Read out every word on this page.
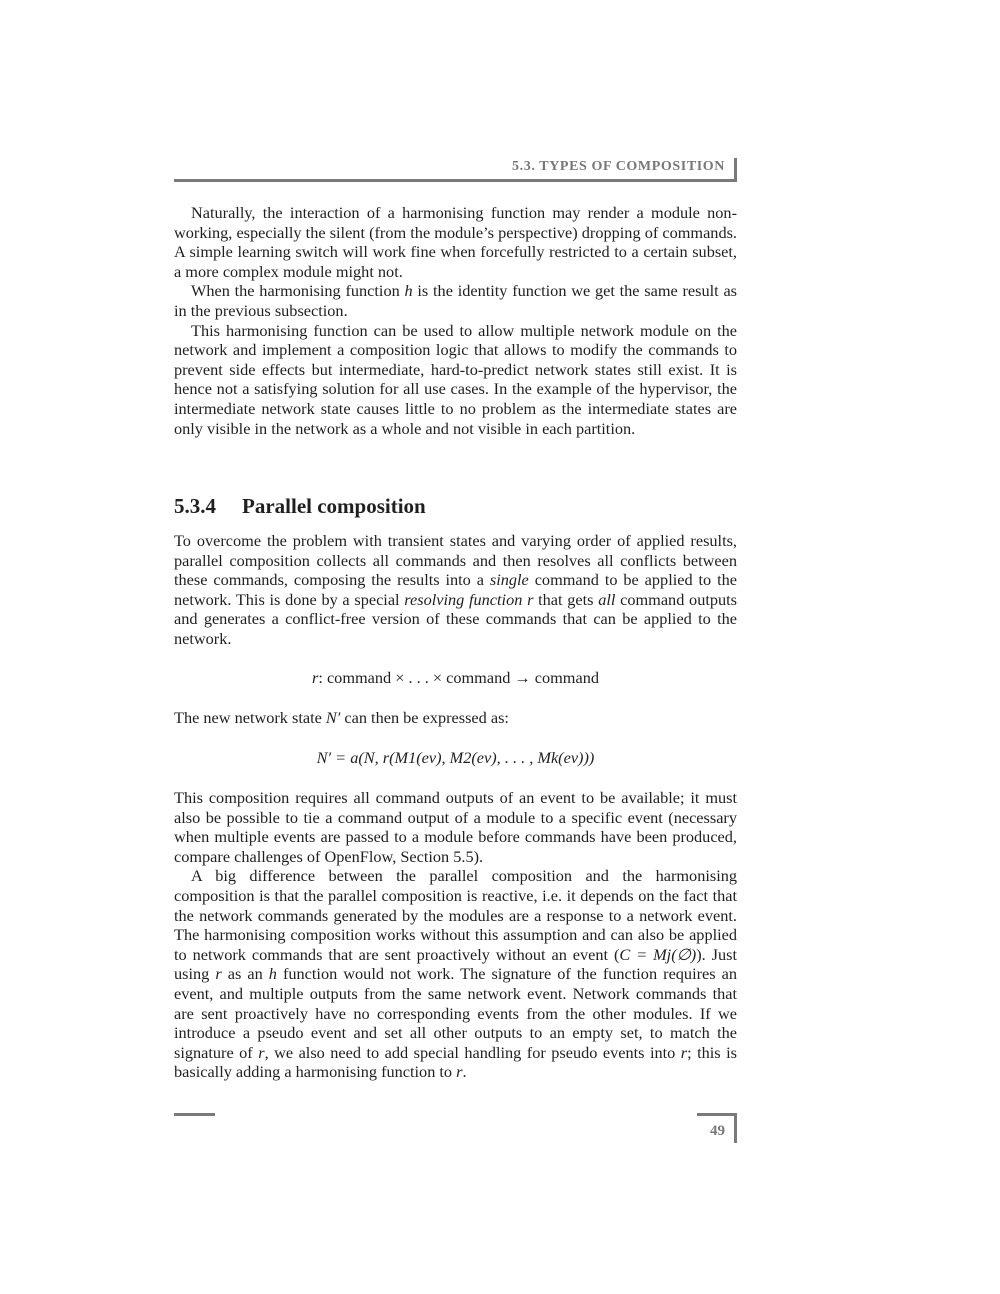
5.3. TYPES OF COMPOSITION

Naturally, the interaction of a harmonising function may render a module non-working, especially the silent (from the module’s perspective) dropping of commands. A simple learning switch will work fine when forcefully restricted to a certain subset, a more complex module might not.

When the harmonising function h is the identity function we get the same result as in the previous subsection.

This harmonising function can be used to allow multiple network module on the network and implement a composition logic that allows to modify the commands to prevent side effects but intermediate, hard-to-predict network states still exist. It is hence not a satisfying solution for all use cases. In the example of the hypervisor, the intermediate network state causes little to no problem as the intermediate states are only visible in the network as a whole and not visible in each partition.

5.3.4 Parallel composition

To overcome the problem with transient states and varying order of applied results, parallel composition collects all commands and then resolves all conflicts between these commands, composing the results into a single command to be applied to the network. This is done by a special resolving function r that gets all command outputs and generates a conflict-free version of these commands that can be applied to the network.

r: command × . . . × command → command

The new network state N′ can then be expressed as:

N′ = a(N, r(M1(ev), M2(ev), . . . , Mk(ev)))

This composition requires all command outputs of an event to be available; it must also be possible to tie a command output of a module to a specific event (necessary when multiple events are passed to a module before commands have been produced, compare challenges of OpenFlow, Section 5.5).

A big difference between the parallel composition and the harmonising composition is that the parallel composition is reactive, i.e. it depends on the fact that the network commands generated by the modules are a response to a network event. The harmonising composition works without this assumption and can also be applied to network commands that are sent proactively without an event (C = Mj(∅)). Just using r as an h function would not work. The signature of the function requires an event, and multiple outputs from the same network event. Network commands that are sent proactively have no corresponding events from the other modules. If we introduce a pseudo event and set all other outputs to an empty set, to match the signature of r, we also need to add special handling for pseudo events into r; this is basically adding a harmonising function to r.

49
